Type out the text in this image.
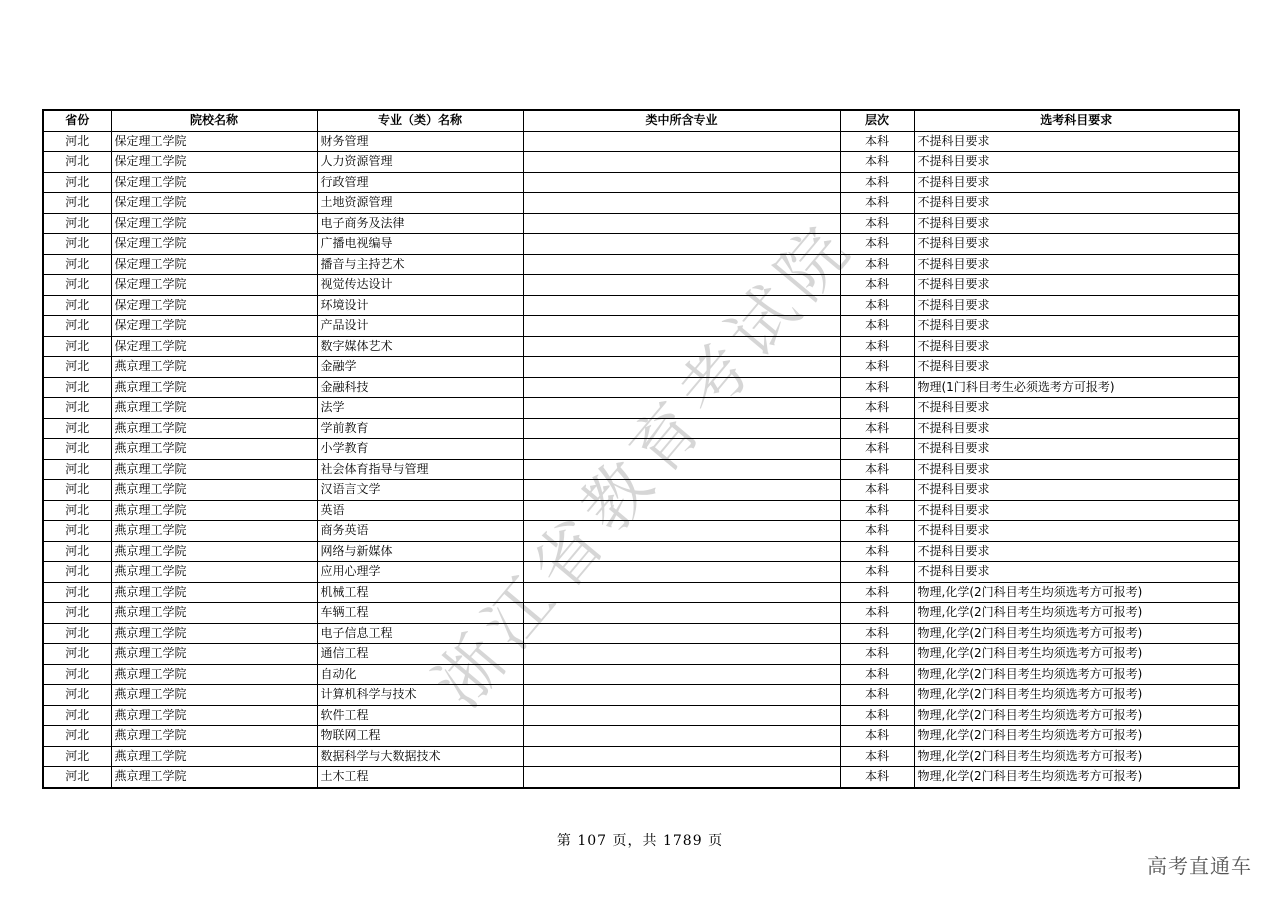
浙江省教育考试院
省份	院校名称	专业（类）名称	类中所含专业	层次	选考科目要求
河北	保定理工学院	财务管理		本科	不提科目要求
河北	保定理工学院	人力资源管理		本科	不提科目要求
河北	保定理工学院	行政管理		本科	不提科目要求
河北	保定理工学院	土地资源管理		本科	不提科目要求
河北	保定理工学院	电子商务及法律		本科	不提科目要求
河北	保定理工学院	广播电视编导		本科	不提科目要求
河北	保定理工学院	播音与主持艺术		本科	不提科目要求
河北	保定理工学院	视觉传达设计		本科	不提科目要求
河北	保定理工学院	环境设计		本科	不提科目要求
河北	保定理工学院	产品设计		本科	不提科目要求
河北	保定理工学院	数字媒体艺术		本科	不提科目要求
河北	燕京理工学院	金融学		本科	不提科目要求
河北	燕京理工学院	金融科技		本科	物理(1门科目考生必须选考方可报考)
河北	燕京理工学院	法学		本科	不提科目要求
河北	燕京理工学院	学前教育		本科	不提科目要求
河北	燕京理工学院	小学教育		本科	不提科目要求
河北	燕京理工学院	社会体育指导与管理		本科	不提科目要求
河北	燕京理工学院	汉语言文学		本科	不提科目要求
河北	燕京理工学院	英语		本科	不提科目要求
河北	燕京理工学院	商务英语		本科	不提科目要求
河北	燕京理工学院	网络与新媒体		本科	不提科目要求
河北	燕京理工学院	应用心理学		本科	不提科目要求
河北	燕京理工学院	机械工程		本科	物理,化学(2门科目考生均须选考方可报考)
河北	燕京理工学院	车辆工程		本科	物理,化学(2门科目考生均须选考方可报考)
河北	燕京理工学院	电子信息工程		本科	物理,化学(2门科目考生均须选考方可报考)
河北	燕京理工学院	通信工程		本科	物理,化学(2门科目考生均须选考方可报考)
河北	燕京理工学院	自动化		本科	物理,化学(2门科目考生均须选考方可报考)
河北	燕京理工学院	计算机科学与技术		本科	物理,化学(2门科目考生均须选考方可报考)
河北	燕京理工学院	软件工程		本科	物理,化学(2门科目考生均须选考方可报考)
河北	燕京理工学院	物联网工程		本科	物理,化学(2门科目考生均须选考方可报考)
河北	燕京理工学院	数据科学与大数据技术		本科	物理,化学(2门科目考生均须选考方可报考)
河北	燕京理工学院	土木工程		本科	物理,化学(2门科目考生均须选考方可报考)
第 107 页，共 1789 页
高考直通车
